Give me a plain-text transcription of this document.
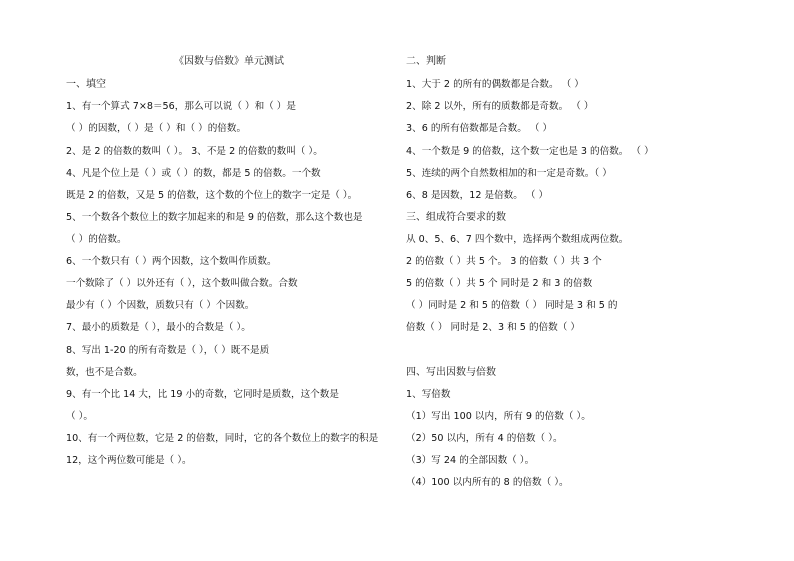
《因数与倍数》单元测试
一、填空
1、有一个算式 7×8＝56，那么可以说（ ）和（ ）是
（ ）的因数，（ ）是（ ）和（ ）的倍数。
2、是 2 的倍数的数叫（ ）。 3、不是 2 的倍数的数叫（ ）。
4、凡是个位上是（ ）或（ ）的数，都是 5 的倍数。一个数
既是 2 的倍数，又是 5 的倍数，这个数的个位上的数字一定是（ ）。
5、一个数各个数位上的数字加起来的和是 9 的倍数，那么这个数也是
（ ）的倍数。
6、一个数只有（ ）两个因数，这个数叫作质数。
一个数除了（ ）以外还有（ ），这个数叫做合数。合数
最少有（ ）个因数，质数只有（ ）个因数。
7、最小的质数是（ ），最小的合数是（ ）。
8、写出 1-20 的所有奇数是（ ），（ ）既不是质
数，也不是合数。
9、有一个比 14 大，比 19 小的奇数，它同时是质数，这个数是
（ ）。
10、有一个两位数，它是 2 的倍数，同时，它的各个数位上的数字的积是
12，这个两位数可能是（ ）。
二、判断
1、大于 2 的所有的偶数都是合数。 （ ）
2、除 2 以外，所有的质数都是奇数。 （ ）
3、6 的所有倍数都是合数。 （ ）
4、一个数是 9 的倍数，这个数一定也是 3 的倍数。 （ ）
5、连续的两个自然数相加的和一定是奇数。（ ）
6、8 是因数，12 是倍数。 （ ）
三、组成符合要求的数
从 0、5、6、7 四个数中，选择两个数组成两位数。
2 的倍数（ ）共 5 个。 3 的倍数（ ）共 3 个
5 的倍数（ ）共 5 个 同时是 2 和 3 的倍数
（ ）同时是 2 和 5 的倍数（ ） 同时是 3 和 5 的
倍数（ ） 同时是 2、3 和 5 的倍数（ ）
四、写出因数与倍数
1、写倍数
（1）写出 100 以内，所有 9 的倍数（ ）。
（2）50 以内，所有 4 的倍数（ ）。
（3）写 24 的全部因数（ ）。
（4）100 以内所有的 8 的倍数（ ）。
